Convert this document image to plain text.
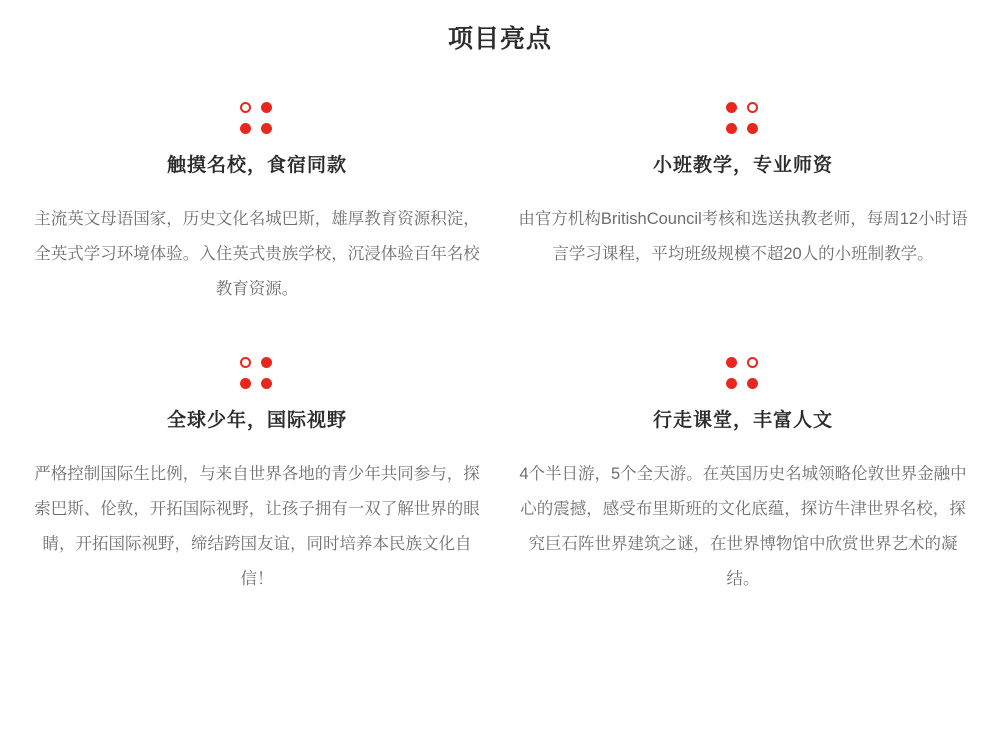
项目亮点
触摸名校，食宿同款
主流英文母语国家，历史文化名城巴斯，雄厚教育资源积淀，全英式学习环境体验。入住英式贵族学校，沉浸体验百年名校教育资源。
小班教学，专业师资
由官方机构BritishCouncil考核和选送执教老师，每周12小时语言学习课程，平均班级规模不超20人的小班制教学。
全球少年，国际视野
严格控制国际生比例，与来自世界各地的青少年共同参与，探索巴斯、伦敦，开拓国际视野，让孩子拥有一双了解世界的眼睛，开拓国际视野，缔结跨国友谊，同时培养本民族文化自信！
行走课堂，丰富人文
4个半日游，5个全天游。在英国历史名城领略伦敦世界金融中心的震撼，感受布里斯班的文化底蕴，探访牛津世界名校，探究巨石阵世界建筑之谜，在世界博物馆中欣赏世界艺术的凝结。
